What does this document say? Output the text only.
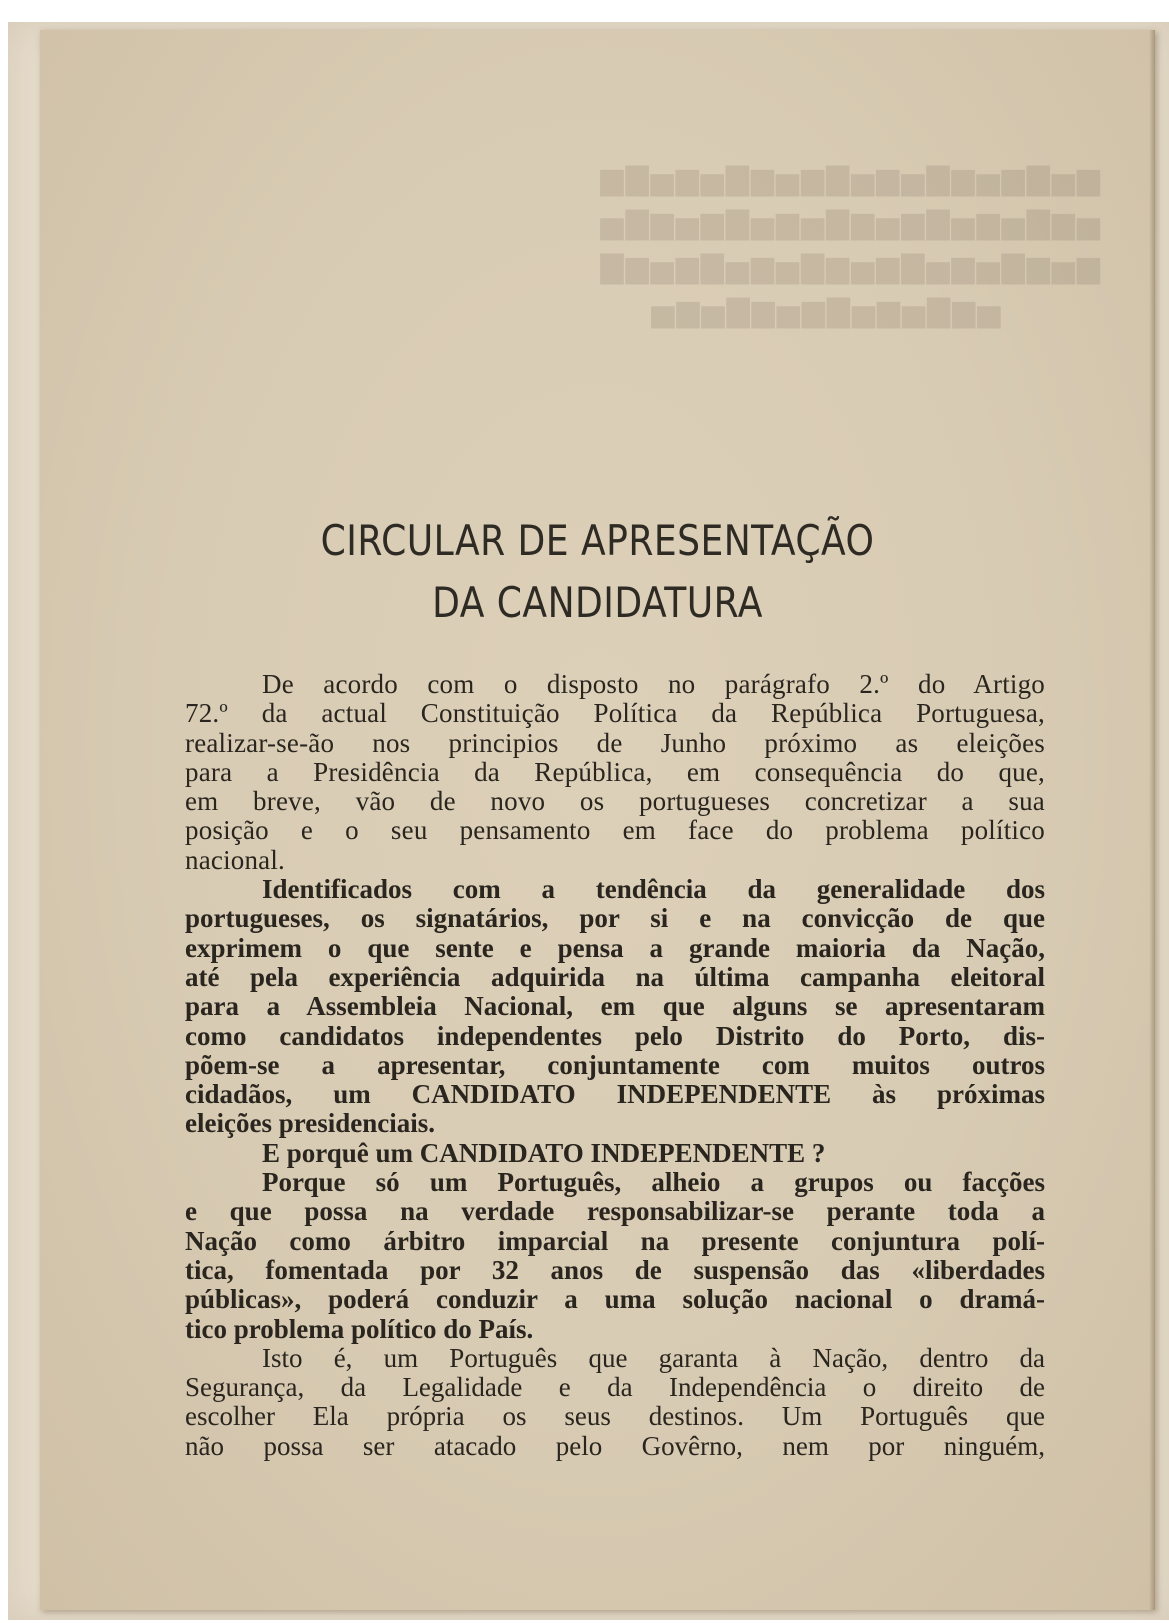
▆▅▇▆▅▆▇▅▆▅▇▆▅▆▇▅▆▅▇▆
▅▆▇▅▆▅▇▆▅▆▇▅▆▅▇▆▅▆▇▅
▆▅▆▇▅▆▅▇▆▅▆▇▅▆▅▇▆▅▆▇
▅▆▇▅▆▅▇▆▅▆▇▅▆▅
CIRCULAR DE APRESENTAÇÃO
DA CANDIDATURA
De acordo com o disposto no parágrafo 2.º do Artigo
72.º da actual Constituição Política da República Portuguesa,
realizar-se-ão nos principios de Junho próximo as eleições
para a Presidência da República, em consequência do que,
em breve, vão de novo os portugueses concretizar a sua
posição e o seu pensamento em face do problema político
nacional.
Identificados com a tendência da generalidade dos
portugueses, os signatários, por si e na convicção de que
exprimem o que sente e pensa a grande maioria da Nação,
até pela experiência adquirida na última campanha eleitoral
para a Assembleia Nacional, em que alguns se apresentaram
como candidatos independentes pelo Distrito do Porto, dis-
põem-se a apresentar, conjuntamente com muitos outros
cidadãos, um CANDIDATO INDEPENDENTE às próximas
eleições presidenciais.
E porquê um CANDIDATO INDEPENDENTE ?
Porque só um Português, alheio a grupos ou facções
e que possa na verdade responsabilizar-se perante toda a
Nação como árbitro imparcial na presente conjuntura polí-
tica, fomentada por 32 anos de suspensão das «liberdades
públicas», poderá conduzir a uma solução nacional o dramá-
tico problema político do País.
Isto é, um Português que garanta à Nação, dentro da
Segurança, da Legalidade e da Independência o direito de
escolher Ela própria os seus destinos. Um Português que
não possa ser atacado pelo Govêrno, nem por ninguém,
